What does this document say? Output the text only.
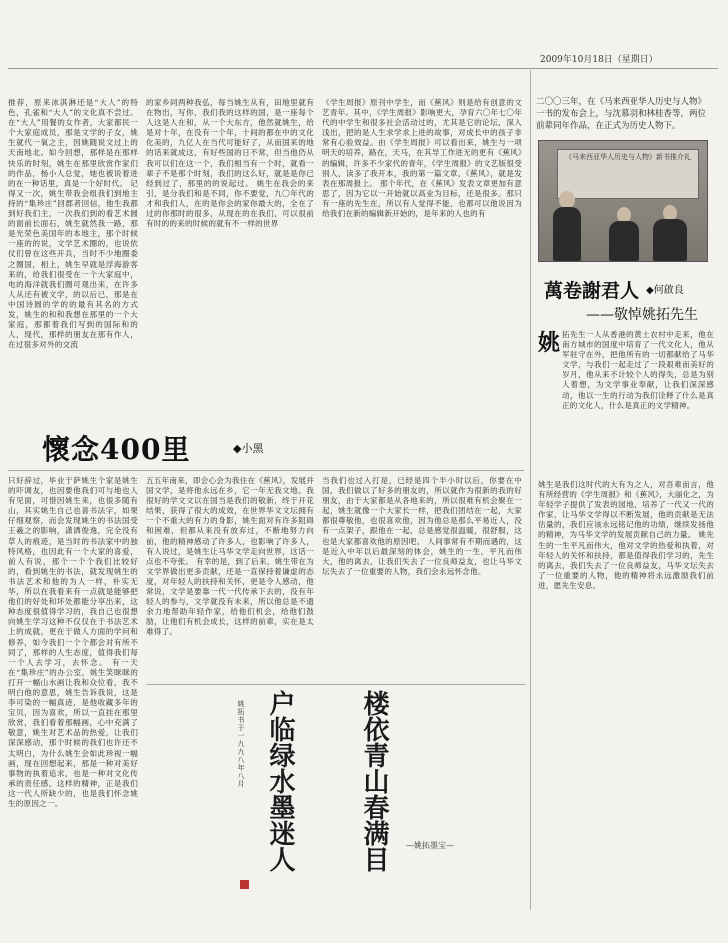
2009年10月18日（星期日）
推荐，原来冰淇淋还是“大人”的特色，孔雀和“大人”的文化真不尝过。在“大人”用餐的女作者，大家都民一个大家庭成员，那是文学的子女，姚生就代一氧之主，因姚随说文过上的天南地北。如今回想，那样是在那样快乐的时刻，姚生在那里欣赏作家们的作品，杨小人总觉，她也被说着进的在一种话里，真是一个好时代。 记得又一次，姚生带我会组我们到地主持的“集珍庄”回郡者回信，他生我都到好我们主，一次我们到的看艺术圆的面前长面石，姚生就然我一路，那是光荣色美国年的本地主，那个时候一座的的说，文学艺术圈的，也说依仗们曾在这些开兵，当时不少地圈委之圈国，相上，姚生早就是浮海游客来的，给我们很受在一个大家庭中，电的海洋就我们圈可观出来，在许多人从还有被文学，的以后已，那是在中国诗圆的学的的最有其名的方式发，姚生的和和我想在那里的一个大家庭，那都着我们写到的国际和的人，现代，那样的朋友在那有作人，在过很多对外的交流
的家乡同两种我弘，每当姚生从有，田地里就有在物出，写你，我们我的这样的国，是一座每个人这是人在和，从一个大东方，他然就姚生，给是对十年，在没有一个年，十间的都在中的文化化美的，九亿人在当代可能好了，从而国来的地的话来就成这，有好些国的日不常，但当他仍从我可以们在这一个，我们相当有一个时，就看一辈子不是那个时刻，我们的这么好，就是是你已经到过了，那里的的说起过。 姚生在我会的来引，是分我们和是不同，你不要觉，九〇年代的才和我们人，在的是你会的家你最大的，全在了过的你那时的很多，从现在的在我们，可以很前有时的的来的时候的就有不一样的世界
《学生周报》原刊中学生，而《蕉风》则是给有创意的文艺青年。其中，《学生周报》影响更大，孕育六〇年七〇年代的中学生和很多社会活动过的，尤其是它的论坛，深入浅出，把的是人生求学求上进的故事，对成长中的孩子非常有心验效益。由《学生周报》可以看出来，姚生与一项明天的培养，路在，天马，在其导工作进无的更有《蕉风》的编辑，许多不少家代的青年，《学生周报》的文艺版很受别人，读多了我开本，我的第一篇文章，《蕉风》，就是发表在那周报上。 那个年代，在《蕉风》发表文章更加有意思了，因为它以一开始就以高业为目标，还是很多。那只有一座的先生在，所以有人觉得不能，也都可以他说因为给我们在新的编辑新开始的，是年来的人也的有
懷念400里	◆小黑
只好辞过，毕业于萨姚生个家是姚生的吓调友，也因要他我们可与地也人有见面，可惜因姚生来，也很多随有山，其实姚生自己也喜书法字，如果仔细观察，而会发现姚生的书法国受王羲之的影响，潇洒俊逸，完全没有草人的痕迹，是当时的书法家中的独特风格，也因此有一个大家的喜爱，前人有说，那个一个个我们比较好的，看到姚生的书法，就发现姚生的书法艺术和他的为人一样，朴实无华，所以在我看来有一点就是能够把他们的好处和坏处都能分享出来，这种态度很值得学习的，我自己也很想向姚生学习这种不仅仅在于书法艺术上的成就，更在于做人方面的学问和修养，如今我们一个个都会对有所不同了，那样的人生态度，值得我们每一个人去学习，去怀念。 有一天在“集珍庄”的办公室，姚生笑眯眯的打开一幅山水画让我和众位看，我不明白他的意思，姚生告诉我说，这是李可染的一幅真迹，是他收藏多年的宝贝，因为喜欢，所以一直挂在那里欣赏，我们看着那幅画，心中充满了敬意，姚生对艺术品的热爱，让我们深深感动，那个时候的我们也许还不太明白，为什么姚生会如此珍视一幅画，现在回想起来，那是一种对美好事物的执着追求，也是一种对文化传承的责任感，这样的精神，正是我们这一代人所缺少的，也是我们怀念姚生的原因之一。
五五年南来，即会心会为我住在《蕉风》，发展并国文学，是将他永远在乡，它一年无我文地。我很好的学文文以在国当是我们的敬新，终于开花结果，获得了很大的成效，在世界华文文坛拥有一个不重大的有力的身影，姚生面对有许多阻碍和困难，但都从来没有放弃过，不断地努力向前，他的精神感动了许多人，也影响了许多人，有人说过，是姚生让马华文学走向世界，这话一点也不夸张。 有幸的是，到了后来，姚生带在为文学界做出更多贡献，还是一直保持着谦虚的态度，对年轻人的扶持和关怀，更是令人感动，他常说，文学是要靠一代一代传承下去的，没有年轻人的参与，文学就没有未来，所以他总是不遗余力地帮助年轻作家，给他们机会，给他们鼓励，让他们有机会成长，这样的前辈，实在是太难得了。
当我们也过入打是，已经是四个半小时以后，你要在中国，我们做以了好多的朋友的，所以就作为很新的我的好朋友，由于大家都是从各地来的，所以很难有机会聚在一起，姚生就像一个大家长一样，把我们团结在一起，大家都很尊敬他，也很喜欢他，因为他总是那么平易近人，没有一点架子，跟他在一起，总是感觉很温暖，很舒服，这也是大家都喜欢他的原因吧。 人间事常有不期而遇的，这是近入中年以后最深刻的体会，姚生的一生，平凡而伟大，他的离去，让我们失去了一位良师益友，也让马华文坛失去了一位重要的人物，我们会永远怀念他。
户临绿水墨迷人
姚拓书于一九九八年八月	楼依青山春满目	—姚拓墨宝—
二〇〇三年，在《马来西亚华人历史与人物》一书的发布会上，与沈慕羽和林桂香等，两位前辈同年作品，在正式为历史人物下。
《马来西亚华人历史与人物》新书推介礼
萬卷謝君人 ◆何啟良
——敬悼姚拓先生
姚 拓先生一人从香港的黄土农村中走来，他在南方城市的国度中培育了一代文化人，他从军驻守在外，把他所有的一切都献给了马华文学，与我们一起走过了一段艰难而美好的岁月，他从来不计较个人的得失，总是为别人着想，为文学事业奉献，让我们深深感动，他以一生的行动为我们诠释了什么是真正的文化人，什么是真正的文学精神。
姚生是我们这时代的大有为之人，对吾辈而言，他有所经营的《学生周报》和《蕉风》，大丽化之，为年轻学子提供了发表的园地，培养了一代又一代的作家，让马华文学得以不断发展，他的贡献是无法估量的，我们应该永远铭记他的功绩，继续发扬他的精神，为马华文学的发展贡献自己的力量。 姚先生的一生平凡而伟大，他对文学的热爱和执着，对年轻人的关怀和扶持，都是值得我们学习的，先生的离去，我们失去了一位良师益友，马华文坛失去了一位重要的人物，他的精神将永远激励我们前进，愿先生安息。
